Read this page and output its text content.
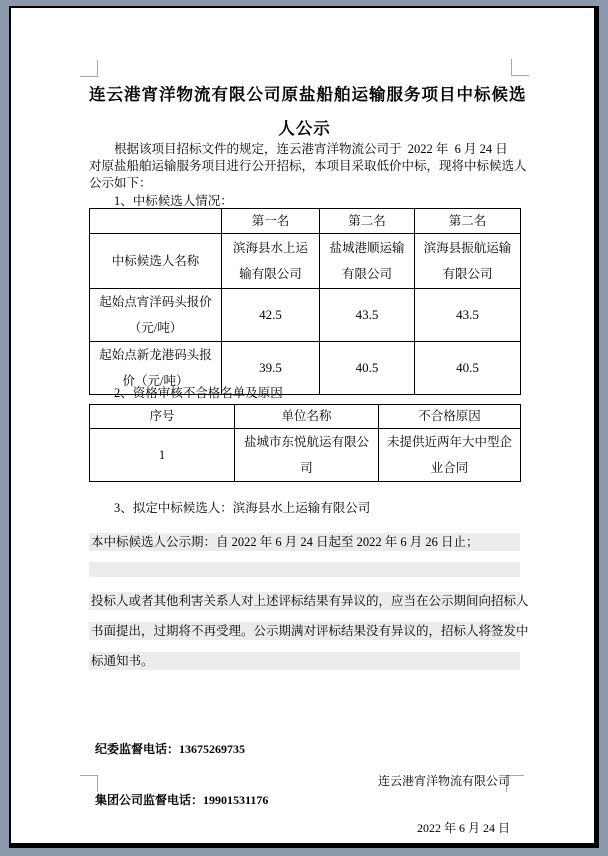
连云港宵洋物流有限公司原盐船舶运输服务项目中标候选
人公示
根据该项目招标文件的规定，连云港宵洋物流公司于  2022 年  6 月 24 日
对原盐船舶运输服务项目进行公开招标，本项目采取低价中标，现将中标候选人
公示如下：
1、中标候选人情况：
	第一名	第二名	第二名
中标候选人名称	滨海县水上运输有限公司	盐城港顺运输有限公司	滨海县振航运输有限公司
起始点宵洋码头报价（元/吨）	42.5	43.5	43.5
起始点新龙港码头报价（元/吨）	39.5	40.5	40.5
2、资格审核不合格名单及原因
序号	单位名称	不合格原因
1	盐城市东悦航运有限公司	未提供近两年大中型企业合同
3、拟定中标候选人：滨海县水上运输有限公司
本中标候选人公示期：自 2022 年 6 月 24 日起至 2022 年 6 月 26 日止；
投标人或者其他利害关系人对上述评标结果有异议的，应当在公示期间向招标人
书面提出，过期将不再受理。公示期满对评标结果没有异议的，招标人将签发中
标通知书。

纪委监督电话：13675269735

集团公司监督电话：19901531176

连云港宵洋物流有限公司

2022 年 6 月 24 日
